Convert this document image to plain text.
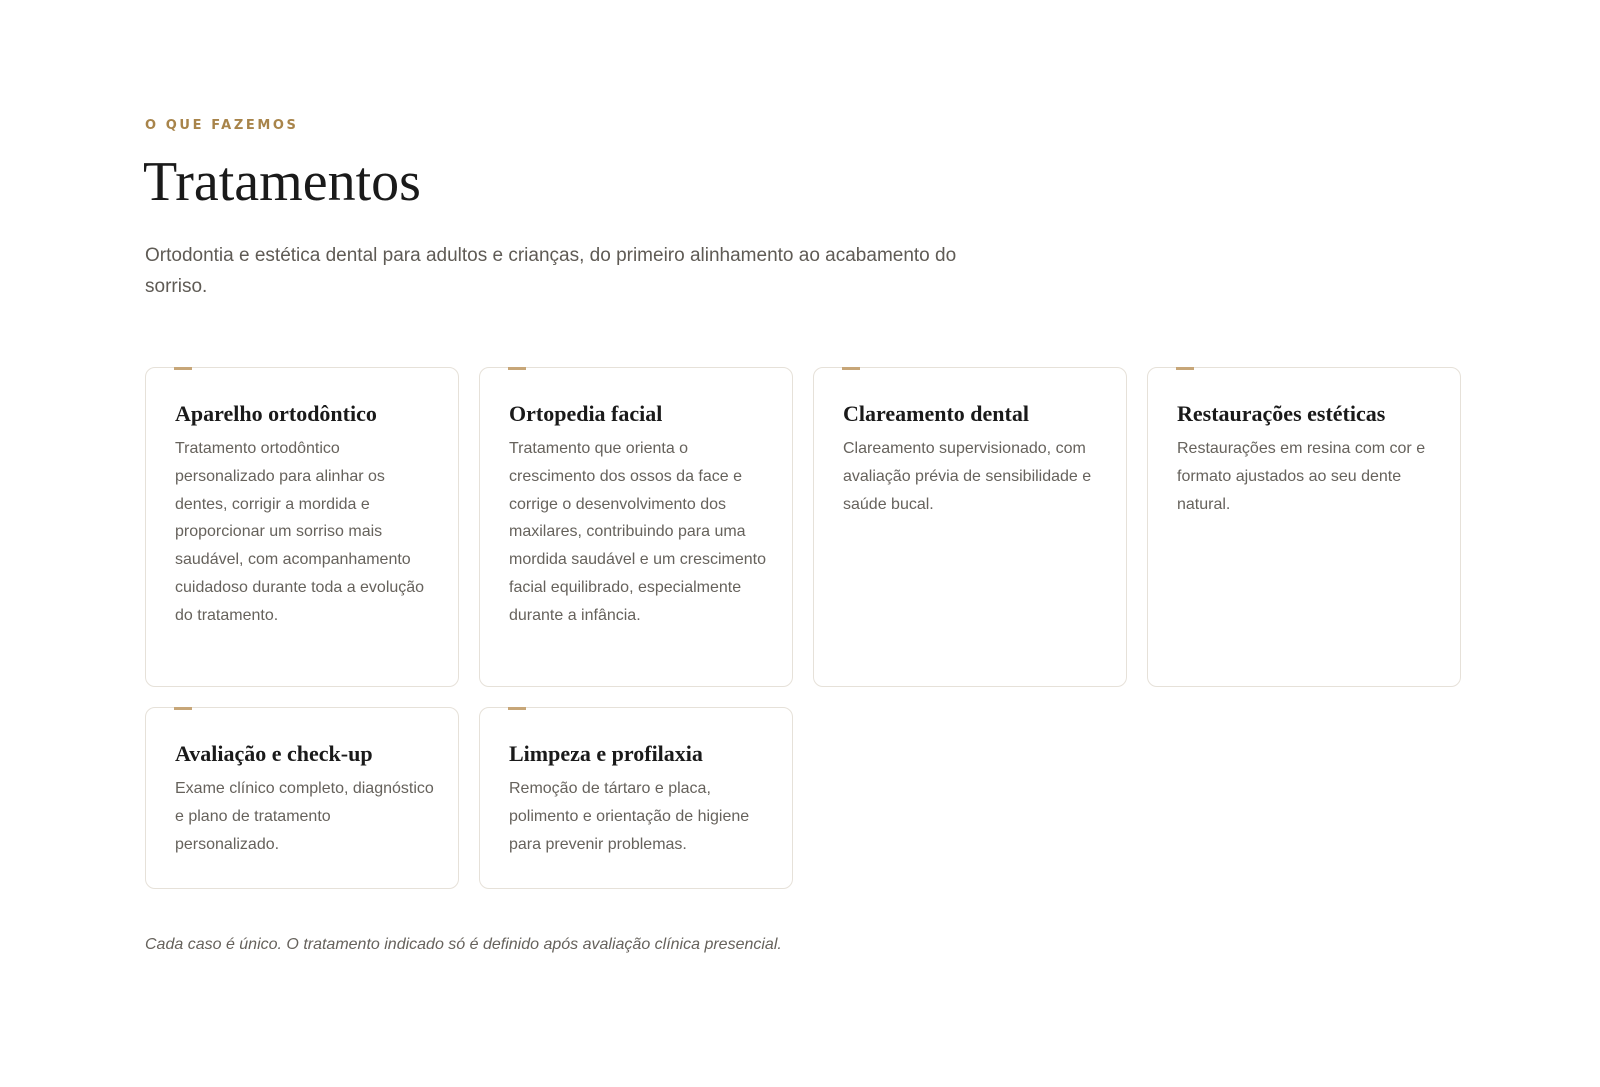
O QUE FAZEMOS
Tratamentos

Ortodontia e estética dental para adultos e crianças, do primeiro alinhamento ao acabamento do sorriso.

Aparelho ortodôntico

Tratamento ortodôntico personalizado para alinhar os dentes, corrigir a mordida e proporcionar um sorriso mais saudável, com acompanhamento cuidadoso durante toda a evolução do tratamento.

Ortopedia facial

Tratamento que orienta o crescimento dos ossos da face e corrige o desenvolvimento dos maxilares, contribuindo para uma mordida saudável e um crescimento facial equilibrado, especialmente durante a infância.

Clareamento dental

Clareamento supervisionado, com avaliação prévia de sensibilidade e saúde bucal.

Restaurações estéticas

Restaurações em resina com cor e formato ajustados ao seu dente natural.

Avaliação e check-up

Exame clínico completo, diagnóstico e plano de tratamento personalizado.

Limpeza e profilaxia

Remoção de tártaro e placa, polimento e orientação de higiene para prevenir problemas.

Cada caso é único. O tratamento indicado só é definido após avaliação clínica presencial.
